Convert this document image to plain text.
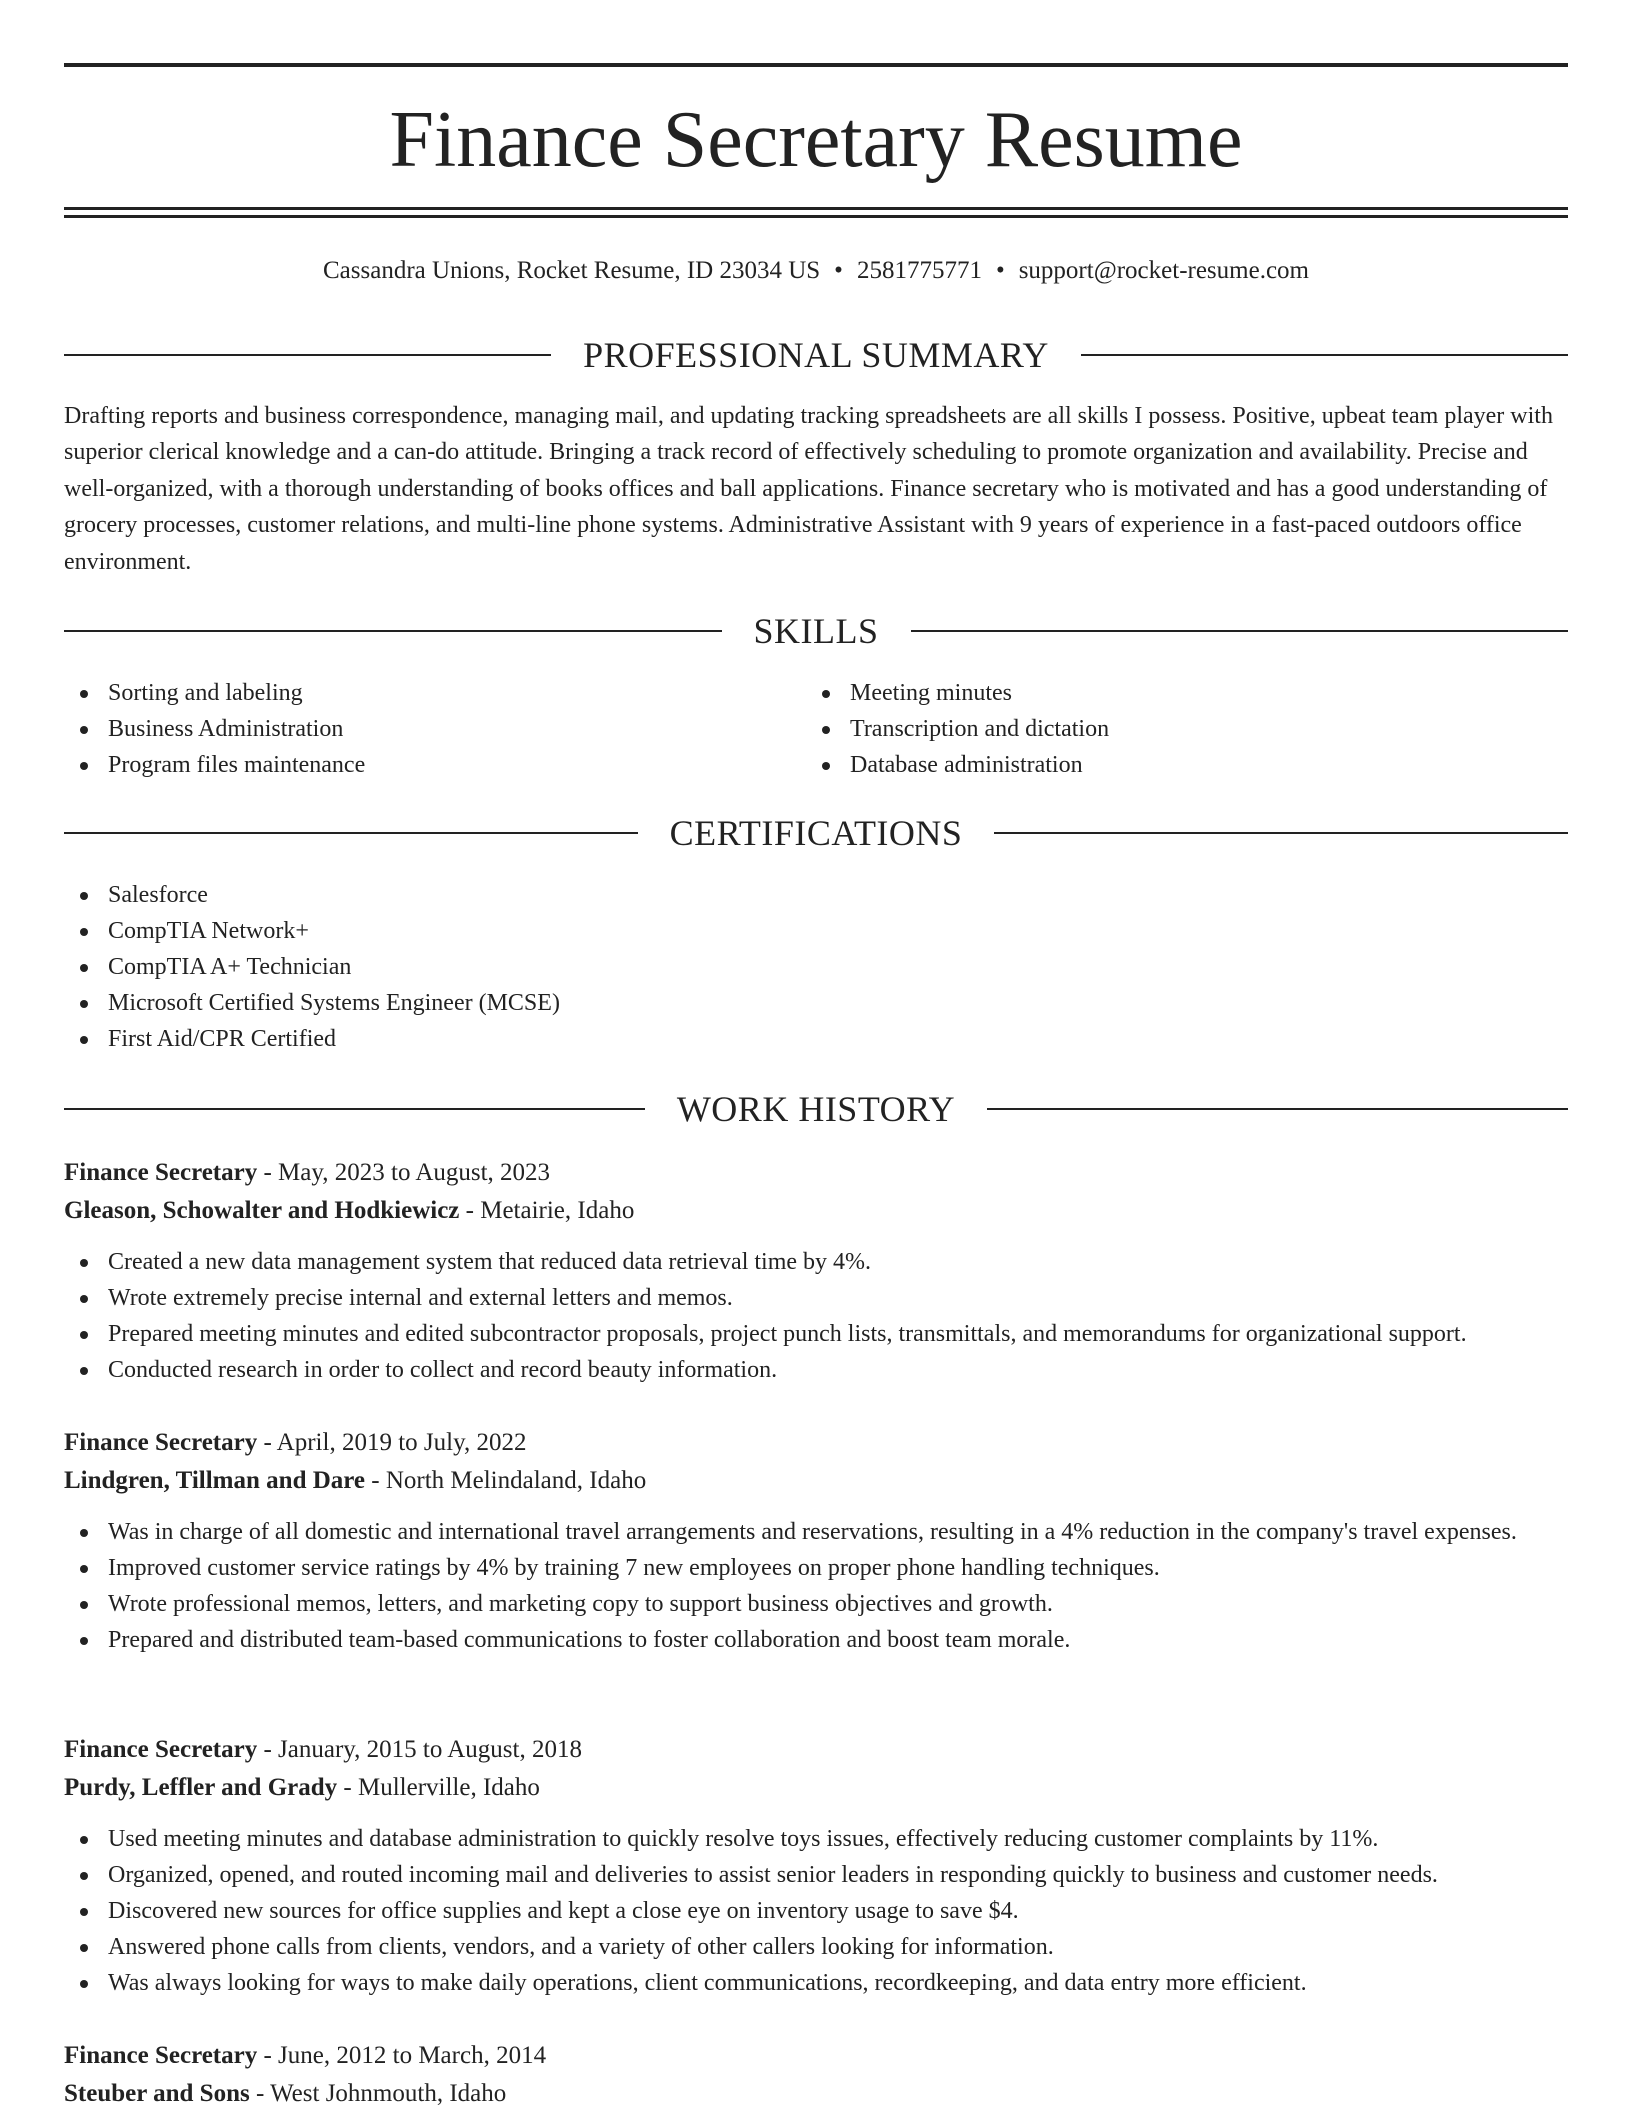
Finance Secretary Resume
Cassandra Unions, Rocket Resume, ID 23034 US • 2581775771 • support@rocket-resume.com
PROFESSIONAL SUMMARY

Drafting reports and business correspondence, managing mail, and updating tracking spreadsheets are all skills I possess. Positive, upbeat team player with superior clerical knowledge and a can-do attitude. Bringing a track record of effectively scheduling to promote organization and availability. Precise and well-organized, with a thorough understanding of books offices and ball applications. Finance secretary who is motivated and has a good understanding of grocery processes, customer relations, and multi-line phone systems. Administrative Assistant with 9 years of experience in a fast-paced outdoors office environment.

SKILLS
Sorting and labeling
Business Administration
Program files maintenance
Meeting minutes
Transcription and dictation
Database administration
CERTIFICATIONS
Salesforce
CompTIA Network+
CompTIA A+ Technician
Microsoft Certified Systems Engineer (MCSE)
First Aid/CPR Certified
WORK HISTORY
Finance Secretary - May, 2023 to August, 2023
Gleason, Schowalter and Hodkiewicz - Metairie, Idaho
Created a new data management system that reduced data retrieval time by 4%.
Wrote extremely precise internal and external letters and memos.
Prepared meeting minutes and edited subcontractor proposals, project punch lists, transmittals, and memorandums for organizational support.
Conducted research in order to collect and record beauty information.
Finance Secretary - April, 2019 to July, 2022
Lindgren, Tillman and Dare - North Melindaland, Idaho
Was in charge of all domestic and international travel arrangements and reservations, resulting in a 4% reduction in the company's travel expenses.
Improved customer service ratings by 4% by training 7 new employees on proper phone handling techniques.
Wrote professional memos, letters, and marketing copy to support business objectives and growth.
Prepared and distributed team-based communications to foster collaboration and boost team morale.
Finance Secretary - January, 2015 to August, 2018
Purdy, Leffler and Grady - Mullerville, Idaho
Used meeting minutes and database administration to quickly resolve toys issues, effectively reducing customer complaints by 11%.
Organized, opened, and routed incoming mail and deliveries to assist senior leaders in responding quickly to business and customer needs.
Discovered new sources for office supplies and kept a close eye on inventory usage to save $4.
Answered phone calls from clients, vendors, and a variety of other callers looking for information.
Was always looking for ways to make daily operations, client communications, recordkeeping, and data entry more efficient.
Finance Secretary - June, 2012 to March, 2014
Steuber and Sons - West Johnmouth, Idaho
